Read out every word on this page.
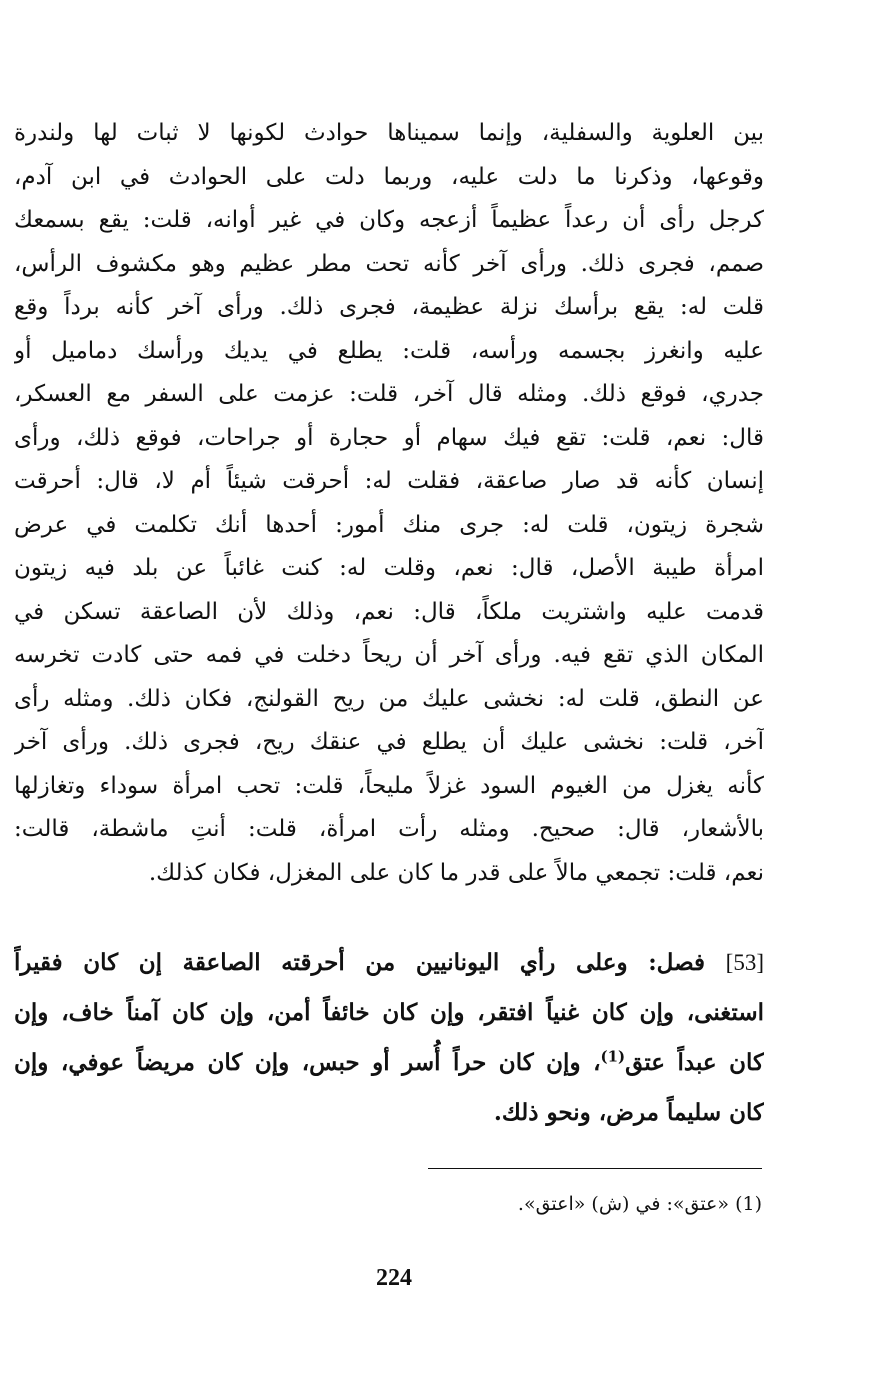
بين العلوية والسفلية، وإنما سميناها حوادث لكونها لا ثبات لها ولندرة
وقوعها، وذكرنا ما دلت عليه، وربما دلت على الحوادث في ابن آدم،
كرجل رأى أن رعداً عظيماً أزعجه وكان في غير أوانه، قلت: يقع بسمعك
صمم، فجرى ذلك. ورأى آخر كأنه تحت مطر عظيم وهو مكشوف الرأس،
قلت له: يقع برأسك نزلة عظيمة، فجرى ذلك. ورأى آخر كأنه برداً وقع
عليه وانغرز بجسمه ورأسه، قلت: يطلع في يديك ورأسك دماميل أو
جدري، فوقع ذلك. ومثله قال آخر، قلت: عزمت على السفر مع العسكر،
قال: نعم، قلت: تقع فيك سهام أو حجارة أو جراحات، فوقع ذلك، ورأى
إنسان كأنه قد صار صاعقة، فقلت له: أحرقت شيئاً أم لا، قال: أحرقت
شجرة زيتون، قلت له: جرى منك أمور: أحدها أنك تكلمت في عرض
امرأة طيبة الأصل، قال: نعم، وقلت له: كنت غائباً عن بلد فيه زيتون
قدمت عليه واشتريت ملكاً، قال: نعم، وذلك لأن الصاعقة تسكن في
المكان الذي تقع فيه. ورأى آخر أن ريحاً دخلت في فمه حتى كادت تخرسه
عن النطق، قلت له: نخشى عليك من ريح القولنج، فكان ذلك. ومثله رأى
آخر، قلت: نخشى عليك أن يطلع في عنقك ريح، فجرى ذلك. ورأى آخر
كأنه يغزل من الغيوم السود غزلاً مليحاً، قلت: تحب امرأة سوداء وتغازلها
بالأشعار، قال: صحيح. ومثله رأت امرأة، قلت: أنتِ ماشطة، قالت:
نعم، قلت: تجمعي مالاً على قدر ما كان على المغزل، فكان كذلك.
[53] فصل: وعلى رأي اليونانيين من أحرقته الصاعقة إن كان فقيراً
استغنى، وإن كان غنياً افتقر، وإن كان خائفاً أمن، وإن كان آمناً خاف، وإن
كان عبداً عتق$^{(1)}$، وإن كان حراً أُسر أو حبس، وإن كان مريضاً عوفي، وإن
كان سليماً مرض، ونحو ذلك.
(1) «عتق»: في (ش) «اعتق».
224
